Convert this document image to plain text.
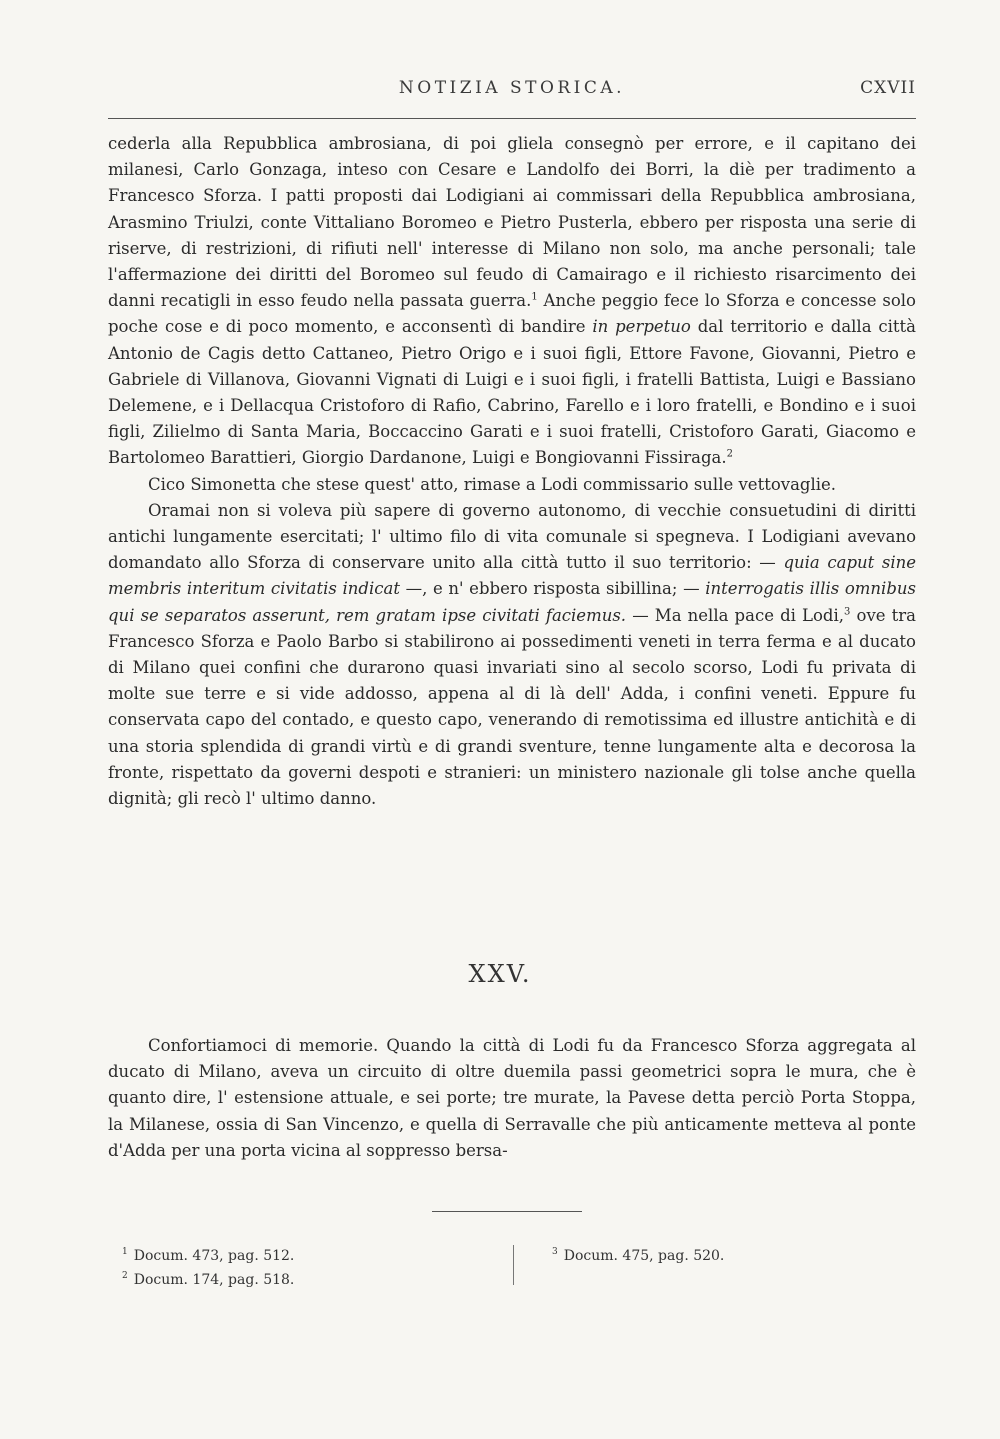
NOTIZIA STORICA.	CXVII

cederla alla Repubblica ambrosiana, di poi gliela consegnò per errore, e il capitano dei milanesi, Carlo Gonzaga, inteso con Cesare e Landolfo dei Borri, la diè per tradimento a Francesco Sforza. I patti proposti dai Lodigiani ai commissari della Repubblica ambrosiana, Arasmino Triulzi, conte Vittaliano Boromeo e Pietro Pusterla, ebbero per risposta una serie di riserve, di restrizioni, di rifiuti nell' interesse di Milano non solo, ma anche personali; tale l'affermazione dei diritti del Boromeo sul feudo di Camairago e il richiesto risarcimento dei danni recatigli in esso feudo nella passata guerra.$^1$ Anche peggio fece lo Sforza e concesse solo poche cose e di poco momento, e acconsentì di bandire in perpetuo dal territorio e dalla città Antonio de Cagis detto Cattaneo, Pietro Origo e i suoi figli, Ettore Favone, Giovanni, Pietro e Gabriele di Villanova, Giovanni Vignati di Luigi e i suoi figli, i fratelli Battista, Luigi e Bassiano Delemene, e i Dellacqua Cristoforo di Rafio, Cabrino, Farello e i loro fratelli, e Bondino e i suoi figli, Zilielmo di Santa Maria, Boccaccino Garati e i suoi fratelli, Cristoforo Garati, Giacomo e Bartolomeo Barattieri, Giorgio Dardanone, Luigi e Bongiovanni Fissiraga.$^2$

Cico Simonetta che stese quest' atto, rimase a Lodi commissario sulle vettovaglie.

Oramai non si voleva più sapere di governo autonomo, di vecchie consuetudini di diritti antichi lungamente esercitati; l' ultimo filo di vita comunale si spegneva. I Lodigiani avevano domandato allo Sforza di conservare unito alla città tutto il suo territorio: — quia caput sine membris interitum civitatis indicat —, e n' ebbero risposta sibillina; — interrogatis illis omnibus qui se separatos asserunt, rem gratam ipse civitati faciemus. — Ma nella pace di Lodi,$^3$ ove tra Francesco Sforza e Paolo Barbo si stabilirono ai possedimenti veneti in terra ferma e al ducato di Milano quei confini che durarono quasi invariati sino al secolo scorso, Lodi fu privata di molte sue terre e si vide addosso, appena al di là dell' Adda, i confini veneti. Eppure fu conservata capo del contado, e questo capo, venerando di remotissima ed illustre antichità e di una storia splendida di grandi virtù e di grandi sventure, tenne lungamente alta e decorosa la fronte, rispettato da governi despoti e stranieri: un ministero nazionale gli tolse anche quella dignità; gli recò l' ultimo danno.

XXV.

Confortiamoci di memorie. Quando la città di Lodi fu da Francesco Sforza aggregata al ducato di Milano, aveva un circuito di oltre duemila passi geometrici sopra le mura, che è quanto dire, l' estensione attuale, e sei porte; tre murate, la Pavese detta perciò Porta Stoppa, la Milanese, ossia di San Vincenzo, e quella di Serravalle che più anticamente metteva al ponte d'Adda per una porta vicina al soppresso bersa-

$^1$ Docum. 473, pag. 512.
$^2$ Docum. 174, pag. 518.
$^3$ Docum. 475, pag. 520.
